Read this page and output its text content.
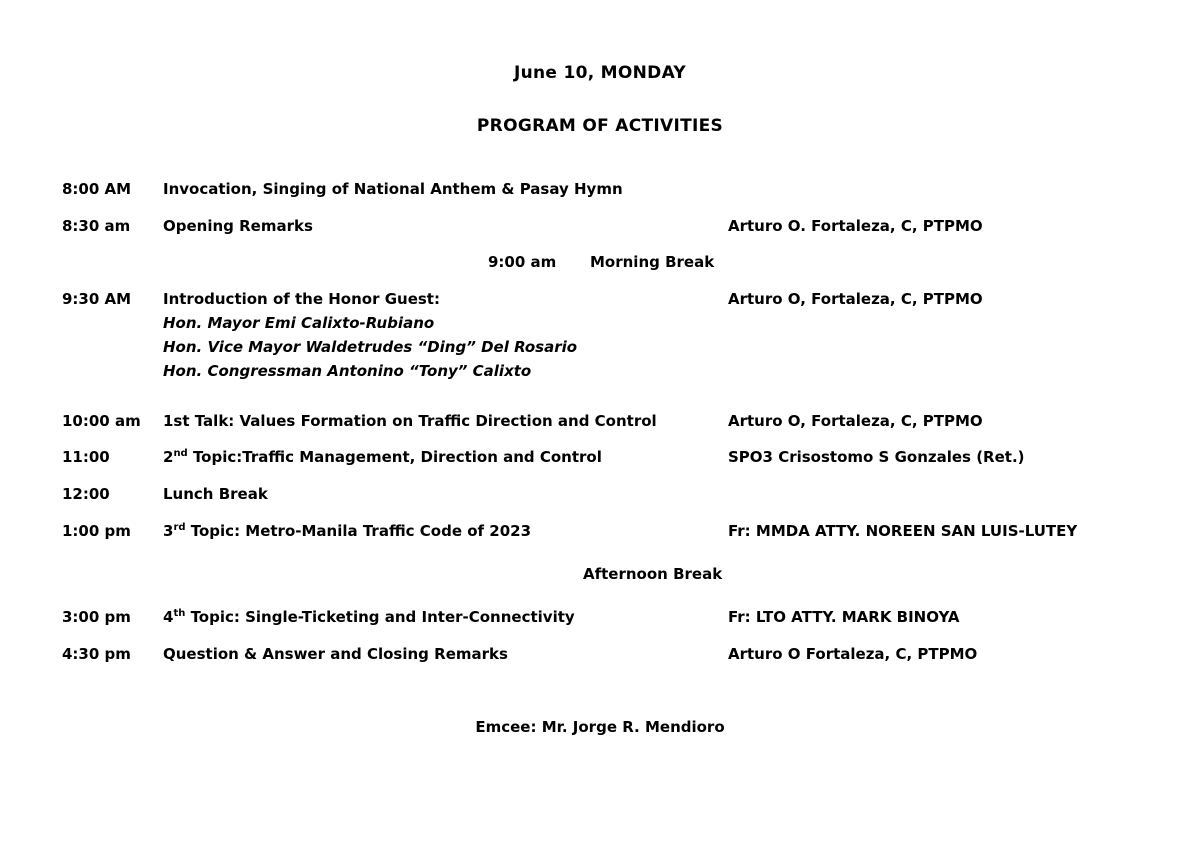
June 10, MONDAY
PROGRAM OF ACTIVITIES
8:00 AM Invocation, Singing of National Anthem & Pasay Hymn
8:30 am Opening Remarks	Arturo O. Fortaleza, C, PTPMO
9:00 am Morning Break
9:30 AM Introduction of the Honor Guest:	Arturo O, Fortaleza, C, PTPMO
Hon. Mayor Emi Calixto-Rubiano
Hon. Vice Mayor Waldetrudes “Ding” Del Rosario
Hon. Congressman Antonino “Tony” Calixto
10:00 am 1st Talk: Values Formation on Traffic Direction and Control	Arturo O, Fortaleza, C, PTPMO
11:00	2nd Topic:Traffic Management, Direction and Control	SPO3 Crisostomo S Gonzales (Ret.)
12:00	Lunch Break
1:00 pm 3rd Topic: Metro-Manila Traffic Code of 2023	Fr: MMDA ATTY. NOREEN SAN LUIS-LUTEY
Afternoon Break
3:00 pm 4th Topic: Single-Ticketing and Inter-Connectivity	Fr: LTO ATTY. MARK BINOYA
4:30 pm Question & Answer and Closing Remarks	Arturo O Fortaleza, C, PTPMO
Emcee: Mr. Jorge R. Mendioro
